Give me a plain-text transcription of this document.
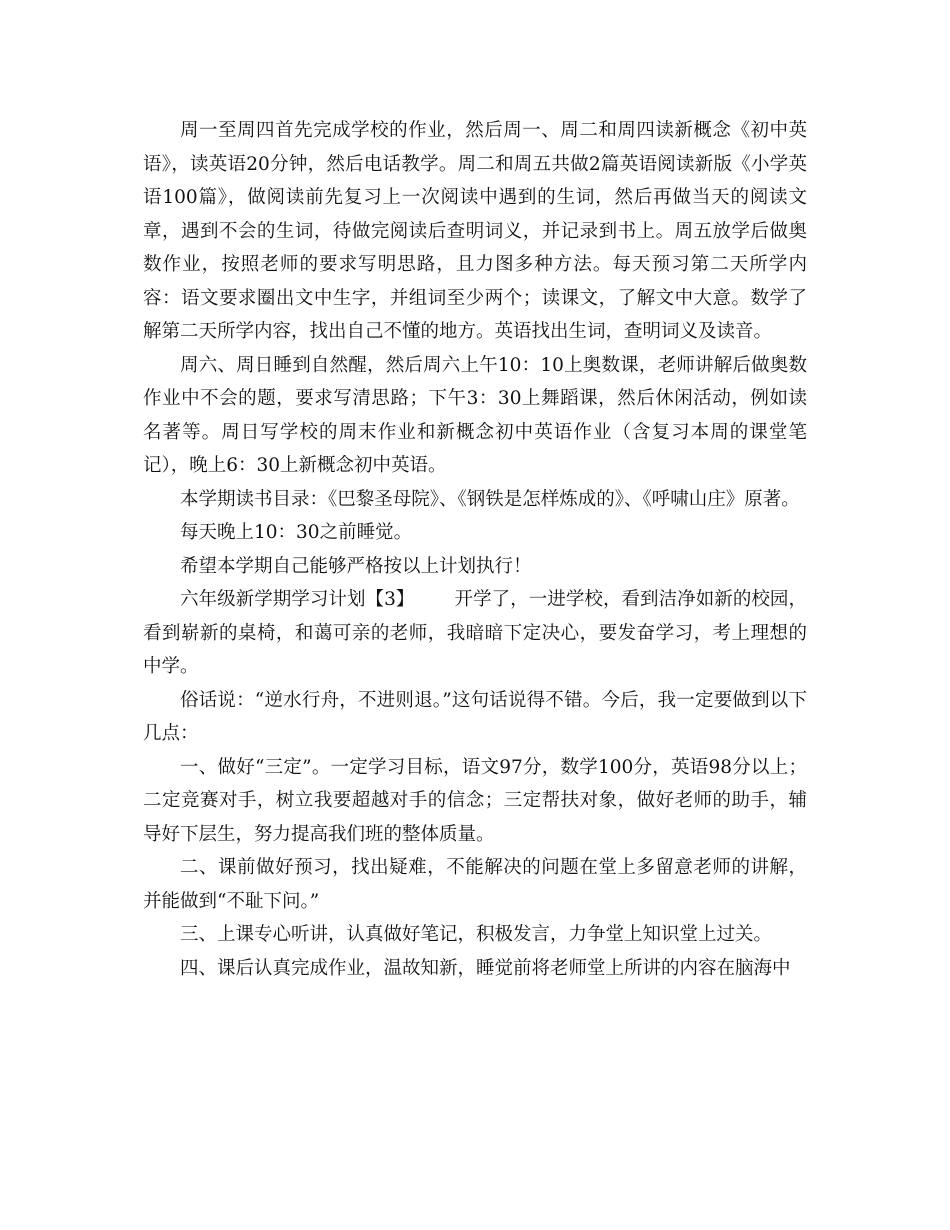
周一至周四首先完成学校的作业，然后周一、周二和周四读新概念《初中英语》，读英语20分钟，然后电话教学。周二和周五共做2篇英语阅读新版《小学英语100篇》，做阅读前先复习上一次阅读中遇到的生词，然后再做当天的阅读文章，遇到不会的生词，待做完阅读后查明词义，并记录到书上。周五放学后做奥数作业，按照老师的要求写明思路，且力图多种方法。每天预习第二天所学内容：语文要求圈出文中生字，并组词至少两个；读课文，了解文中大意。数学了解第二天所学内容，找出自己不懂的地方。英语找出生词，查明词义及读音。

周六、周日睡到自然醒，然后周六上午10：10上奥数课，老师讲解后做奥数作业中不会的题，要求写清思路；下午3：30上舞蹈课，然后休闲活动，例如读名著等。周日写学校的周末作业和新概念初中英语作业（含复习本周的课堂笔记），晚上6：30上新概念初中英语。

本学期读书目录：《巴黎圣母院》、《钢铁是怎样炼成的》、《呼啸山庄》原著。

每天晚上10：30之前睡觉。

希望本学期自己能够严格按以上计划执行！

六年级新学期学习计划【3】 开学了，一进学校，看到洁净如新的校园，看到崭新的桌椅，和蔼可亲的老师，我暗暗下定决心，要发奋学习，考上理想的中学。

俗话说：“逆水行舟，不进则退。”这句话说得不错。今后，我一定要做到以下几点：

一、做好“三定”。一定学习目标，语文97分，数学100分，英语98分以上；二定竞赛对手，树立我要超越对手的信念；三定帮扶对象，做好老师的助手，辅导好下层生，努力提高我们班的整体质量。

二、课前做好预习，找出疑难，不能解决的问题在堂上多留意老师的讲解，并能做到“不耻下问。”

三、上课专心听讲，认真做好笔记，积极发言，力争堂上知识堂上过关。

四、课后认真完成作业，温故知新，睡觉前将老师堂上所讲的内容在脑海中
